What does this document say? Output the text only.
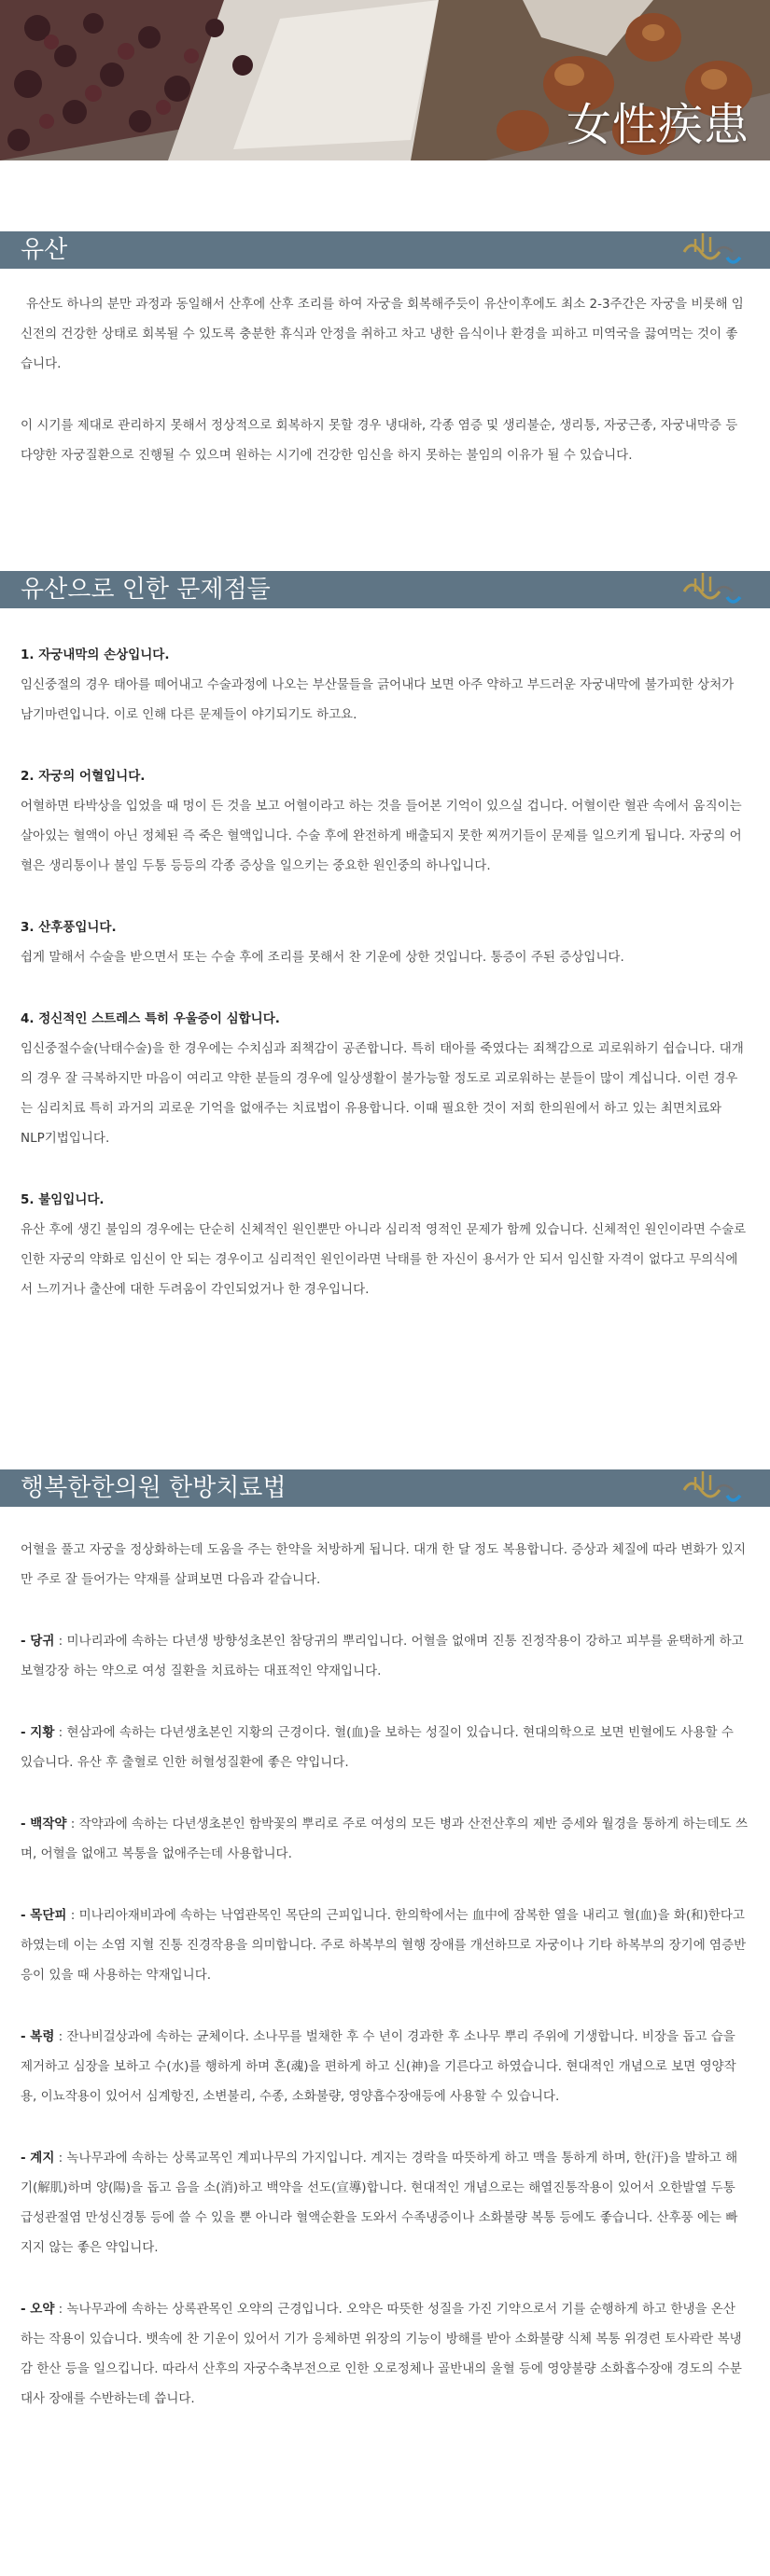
女性疾患
유산

유산도 하나의 분만 과정과 동일해서 산후에 산후 조리를 하여 자궁을 회복해주듯이 유산이후에도 최소 2-3주간은 자궁을 비롯해 임신전의 건강한 상태로 회복될 수 있도록 충분한 휴식과 안정을 취하고 차고 냉한 음식이나 환경을 피하고 미역국을 끓여먹는 것이 좋습니다.

이 시기를 제대로 관리하지 못해서 정상적으로 회복하지 못할 경우 냉대하, 각종 염증 및 생리불순, 생리통, 자궁근종, 자궁내막증 등 다양한 자궁질환으로 진행될 수 있으며 원하는 시기에 건강한 임신을 하지 못하는 불임의 이유가 될 수 있습니다.

유산으로 인한 문제점들

1. 자궁내막의 손상입니다.

임신중절의 경우 태아를 떼어내고 수술과정에 나오는 부산물들을 긁어내다 보면 아주 약하고 부드러운 자궁내막에 불가피한 상처가 남기마련입니다. 이로 인해 다른 문제들이 야기되기도 하고요.

2. 자궁의 어혈입니다.

어혈하면 타박상을 입었을 때 멍이 든 것을 보고 어혈이라고 하는 것을 들어본 기억이 있으실 겁니다. 어혈이란 혈관 속에서 움직이는 살아있는 혈액이 아닌 정체된 즉 죽은 혈액입니다. 수술 후에 완전하게 배출되지 못한 찌꺼기들이 문제를 일으키게 됩니다. 자궁의 어혈은 생리통이나 불임 두통 등등의 각종 증상을 일으키는 중요한 원인중의 하나입니다.

3. 산후풍입니다.

쉽게 말해서 수술을 받으면서 또는 수술 후에 조리를 못해서 찬 기운에 상한 것입니다. 통증이 주된 증상입니다.

4. 정신적인 스트레스 특히 우울증이 심합니다.

임신중절수술(낙태수술)을 한 경우에는 수치심과 죄책감이 공존합니다. 특히 태아를 죽였다는 죄책감으로 괴로워하기 쉽습니다. 대개의 경우 잘 극복하지만 마음이 여리고 약한 분들의 경우에 일상생활이 불가능할 정도로 괴로워하는 분들이 많이 계십니다. 이런 경우는 심리치료 특히 과거의 괴로운 기억을 없애주는 치료법이 유용합니다. 이때 필요한 것이 저희 한의원에서 하고 있는 최면치료와 NLP기법입니다.

5. 불임입니다.

유산 후에 생긴 불임의 경우에는 단순히 신체적인 원인뿐만 아니라 심리적 영적인 문제가 함께 있습니다. 신체적인 원인이라면 수술로 인한 자궁의 약화로 임신이 안 되는 경우이고 심리적인 원인이라면 낙태를 한 자신이 용서가 안 되서 임신할 자격이 없다고 무의식에서 느끼거나 출산에 대한 두려움이 각인되었거나 한 경우입니다.

행복한한의원 한방치료법

어혈을 풀고 자궁을 정상화하는데 도움을 주는 한약을 처방하게 됩니다. 대개 한 달 정도 복용합니다. 증상과 체질에 따라 변화가 있지만 주로 잘 들어가는 약재를 살펴보면 다음과 같습니다.

- 당귀 : 미나리과에 속하는 다년생 방향성초본인 참당귀의 뿌리입니다. 어혈을 없애며 진통 진정작용이 강하고 피부를 윤택하게 하고 보혈강장 하는 약으로 여성 질환을 치료하는 대표적인 약재입니다.

- 지황 : 현삼과에 속하는 다년생초본인 지황의 근경이다. 혈(血)을 보하는 성질이 있습니다. 현대의학으로 보면 빈혈에도 사용할 수 있습니다. 유산 후 출혈로 인한 허혈성질환에 좋은 약입니다.

- 백작약 : 작약과에 속하는 다년생초본인 함박꽃의 뿌리로 주로 여성의 모든 병과 산전산후의 제반 증세와 월경을 통하게 하는데도 쓰며, 어혈을 없애고 복통을 없애주는데 사용합니다.

- 목단피 : 미나리아재비과에 속하는 낙엽관목인 목단의 근피입니다. 한의학에서는 血中에 잠복한 열을 내리고 혈(血)을 화(和)한다고 하였는데 이는 소염 지혈 진통 진경작용을 의미합니다. 주로 하복부의 혈행 장애를 개선하므로 자궁이나 기타 하복부의 장기에 염증반응이 있을 때 사용하는 약재입니다.

- 복령 : 잔나비걸상과에 속하는 균체이다. 소나무를 벌채한 후 수 년이 경과한 후 소나무 뿌리 주위에 기생합니다. 비장을 돕고 습을 제거하고 심장을 보하고 수(水)를 행하게 하며 혼(魂)을 편하게 하고 신(神)을 기른다고 하였습니다. 현대적인 개념으로 보면 영양작용, 이뇨작용이 있어서 심계항진, 소변불리, 수종, 소화불량, 영양흡수장애등에 사용할 수 있습니다.

- 계지 : 녹나무과에 속하는 상록교목인 계피나무의 가지입니다. 계지는 경락을 따뜻하게 하고 맥을 통하게 하며, 한(汗)을 발하고 해기(解肌)하며 양(陽)을 돕고 음을 소(消)하고 백약을 선도(宣導)합니다. 현대적인 개념으로는 해열진통작용이 있어서 오한발열 두통 급성관절염 만성신경통 등에 쓸 수 있을 뿐 아니라 혈액순환을 도와서 수족냉증이나 소화불량 복통 등에도 좋습니다. 산후풍 에는 빠지지 않는 좋은 약입니다.

- 오약 : 녹나무과에 속하는 상록관목인 오약의 근경입니다. 오약은 따뜻한 성질을 가진 기약으로서 기를 순행하게 하고 한냉을 온산 하는 작용이 있습니다. 뱃속에 찬 기운이 있어서 기가 응체하면 위장의 기능이 방해를 받아 소화불량 식체 복통 위경련 토사곽란 복냉감 한산 등을 일으킵니다. 따라서 산후의 자궁수축부전으로 인한 오로정체나 골반내의 울혈 등에 영양불량 소화흡수장애 경도의 수분대사 장애를 수반하는데 씁니다.
